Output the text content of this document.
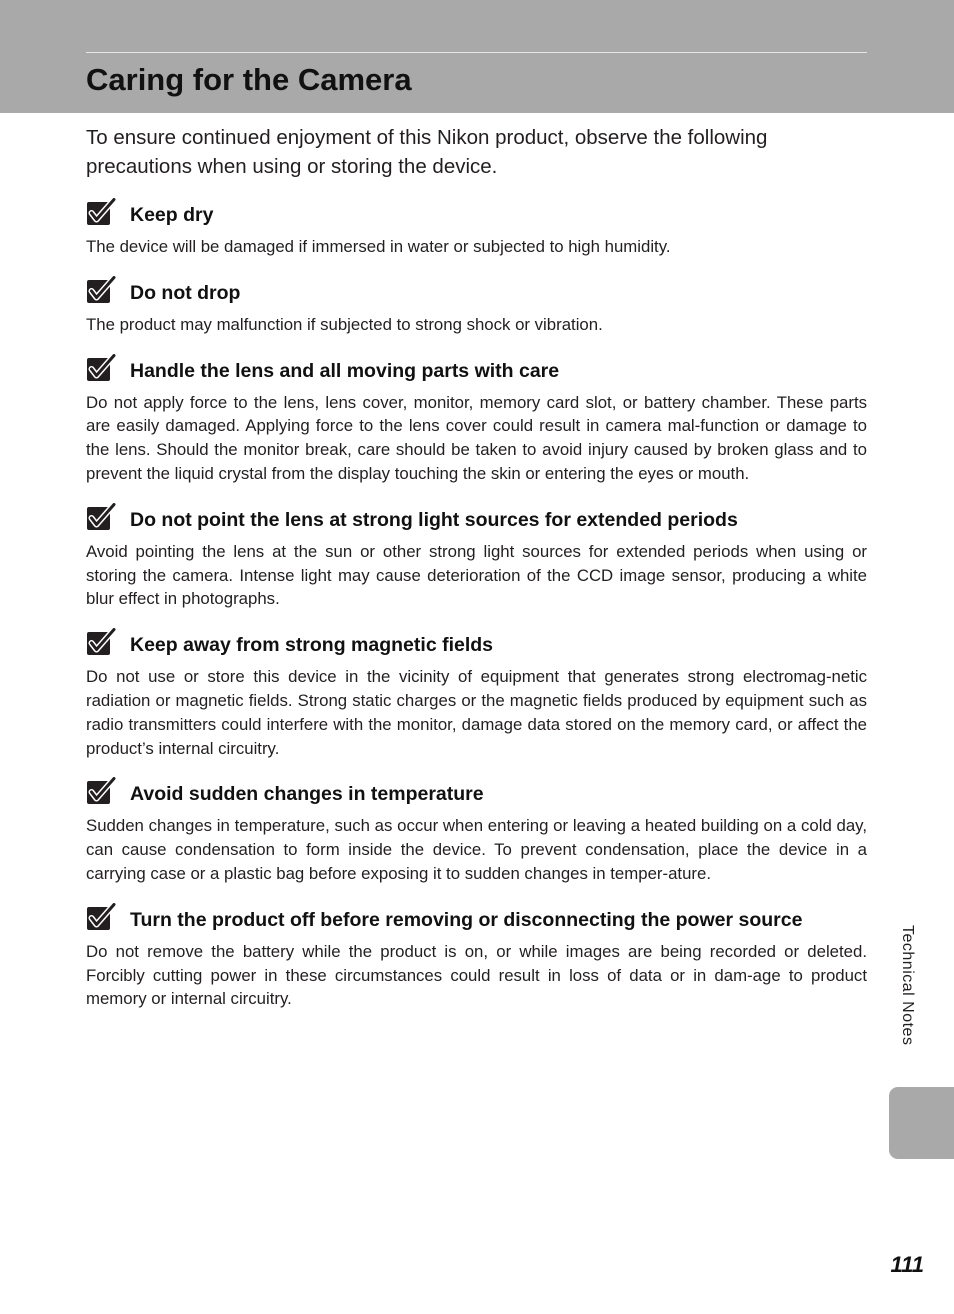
Caring for the Camera

To ensure continued enjoyment of this Nikon product, observe the following precautions when using or storing the device.

Keep dry

The device will be damaged if immersed in water or subjected to high humidity.

Do not drop

The product may malfunction if subjected to strong shock or vibration.

Handle the lens and all moving parts with care

Do not apply force to the lens, lens cover, monitor, memory card slot, or battery chamber. These parts are easily damaged. Applying force to the lens cover could result in camera mal-function or damage to the lens. Should the monitor break, care should be taken to avoid injury caused by broken glass and to prevent the liquid crystal from the display touching the skin or entering the eyes or mouth.

Do not point the lens at strong light sources for extended periods

Avoid pointing the lens at the sun or other strong light sources for extended periods when using or storing the camera. Intense light may cause deterioration of the CCD image sensor, producing a white blur effect in photographs.

Keep away from strong magnetic fields

Do not use or store this device in the vicinity of equipment that generates strong electromag-netic radiation or magnetic fields. Strong static charges or the magnetic fields produced by equipment such as radio transmitters could interfere with the monitor, damage data stored on the memory card, or affect the product’s internal circuitry.

Avoid sudden changes in temperature

Sudden changes in temperature, such as occur when entering or leaving a heated building on a cold day, can cause condensation to form inside the device. To prevent condensation, place the device in a carrying case or a plastic bag before exposing it to sudden changes in temper-ature.

Turn the product off before removing or disconnecting the power source

Do not remove the battery while the product is on, or while images are being recorded or deleted. Forcibly cutting power in these circumstances could result in loss of data or in dam-age to product memory or internal circuitry.	Technical Notes
111
